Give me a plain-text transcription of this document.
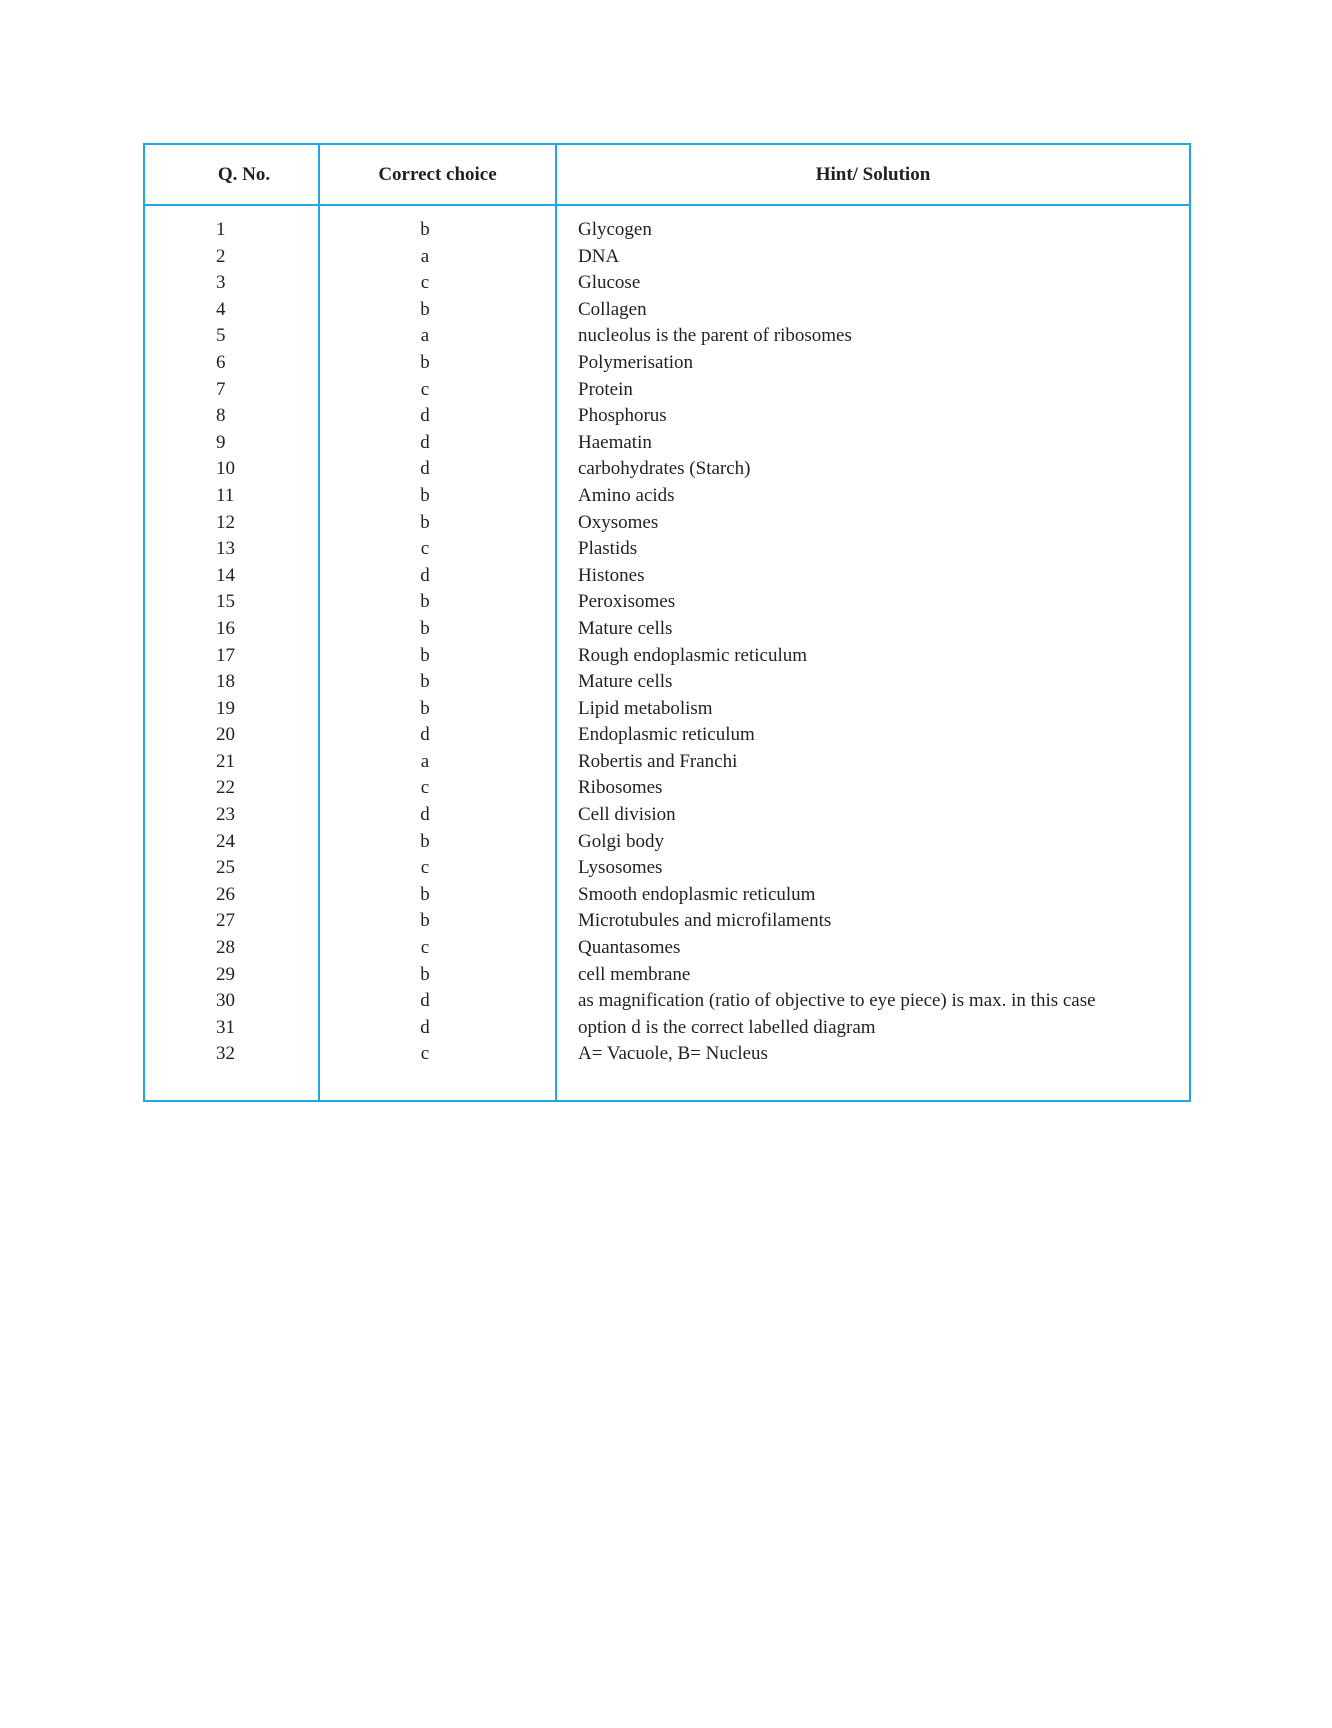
Q. No.	Correct choice	Hint/ Solution
1	b	Glycogen
2	a	DNA
3	c	Glucose
4	b	Collagen
5	a	nucleolus is the parent of ribosomes
6	b	Polymerisation
7	c	Protein
8	d	Phosphorus
9	d	Haematin
10	d	carbohydrates (Starch)
11	b	Amino acids
12	b	Oxysomes
13	c	Plastids
14	d	Histones
15	b	Peroxisomes
16	b	Mature cells
17	b	Rough endoplasmic reticulum
18	b	Mature cells
19	b	Lipid metabolism
20	d	Endoplasmic reticulum
21	a	Robertis and Franchi
22	c	Ribosomes
23	d	Cell division
24	b	Golgi body
25	c	Lysosomes
26	b	Smooth endoplasmic reticulum
27	b	Microtubules and microfilaments
28	c	Quantasomes
29	b	cell membrane
30	d	as magnification (ratio of objective to eye piece) is max. in this case
31	d	option d is the correct labelled diagram
32	c	A= Vacuole, B= Nucleus
